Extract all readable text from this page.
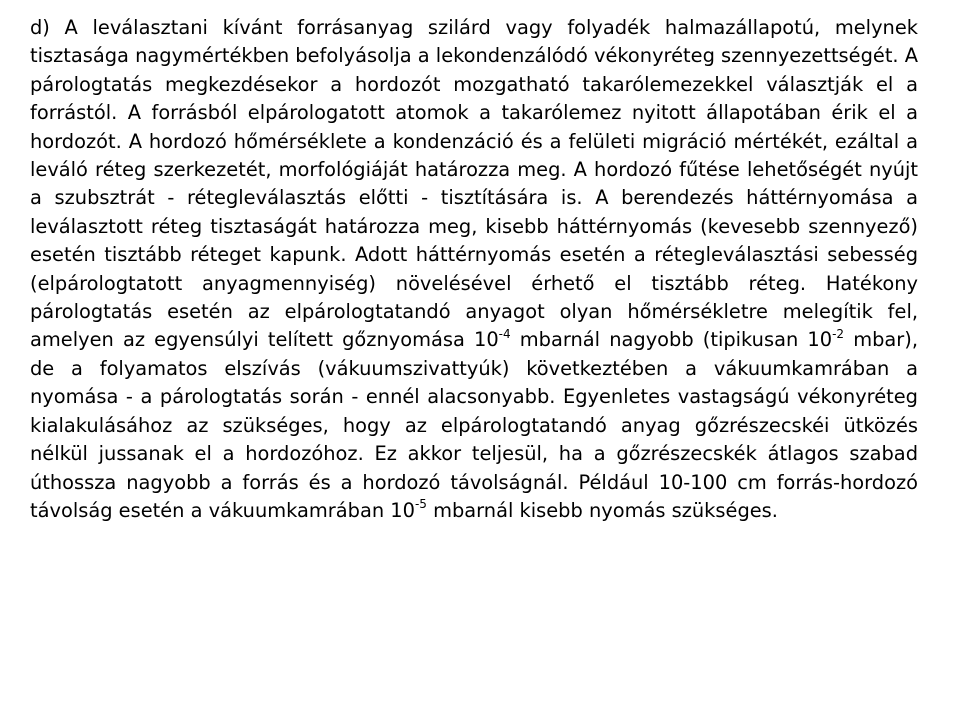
d) A leválasztani kívánt forrásanyag szilárd vagy folyadék halmazállapotú, melynek tisztasága nagymértékben befolyásolja a lekondenzálódó vékonyréteg szennyezettségét. A párologtatás megkezdésekor a hordozót mozgatható takarólemezekkel választják el a forrástól. A forrásból elpárologatott atomok a takarólemez nyitott állapotában érik el a hordozót. A hordozó hőmérséklete a kondenzáció és a felületi migráció mértékét, ezáltal a leváló réteg szerkezetét, morfológiáját határozza meg. A hordozó fűtése lehetőségét nyújt a szubsztrát - rétegleválasztás előtti - tisztítására is. A berendezés háttérnyomása a leválasztott réteg tisztaságát határozza meg, kisebb háttérnyomás (kevesebb szennyező) esetén tisztább réteget kapunk. Adott háttérnyomás esetén a rétegleválasztási sebesség (elpárologtatott anyagmennyiség) növelésével érhető el tisztább réteg. Hatékony párologtatás esetén az elpárologtatandó anyagot olyan hőmérsékletre melegítik fel, amelyen az egyensúlyi telített gőznyomása $10^{-4}$ mbarnál nagyobb (tipikusan $10^{-2}$ mbar), de a folyamatos elszívás (vákuumszivattyúk) következtében a vákuumkamrában a nyomása - a párologtatás során - ennél alacsonyabb. Egyenletes vastagságú vékonyréteg kialakulásához az szükséges, hogy az elpárologtatandó anyag gőzrészecskéi ütközés nélkül jussanak el a hordozóhoz. Ez akkor teljesül, ha a gőzrészecskék átlagos szabad úthossza nagyobb a forrás és a hordozó távolságnál. Például 10-100 cm forrás-hordozó távolság esetén a vákuumkamrában $10^{-5}$ mbarnál kisebb nyomás szükséges.
